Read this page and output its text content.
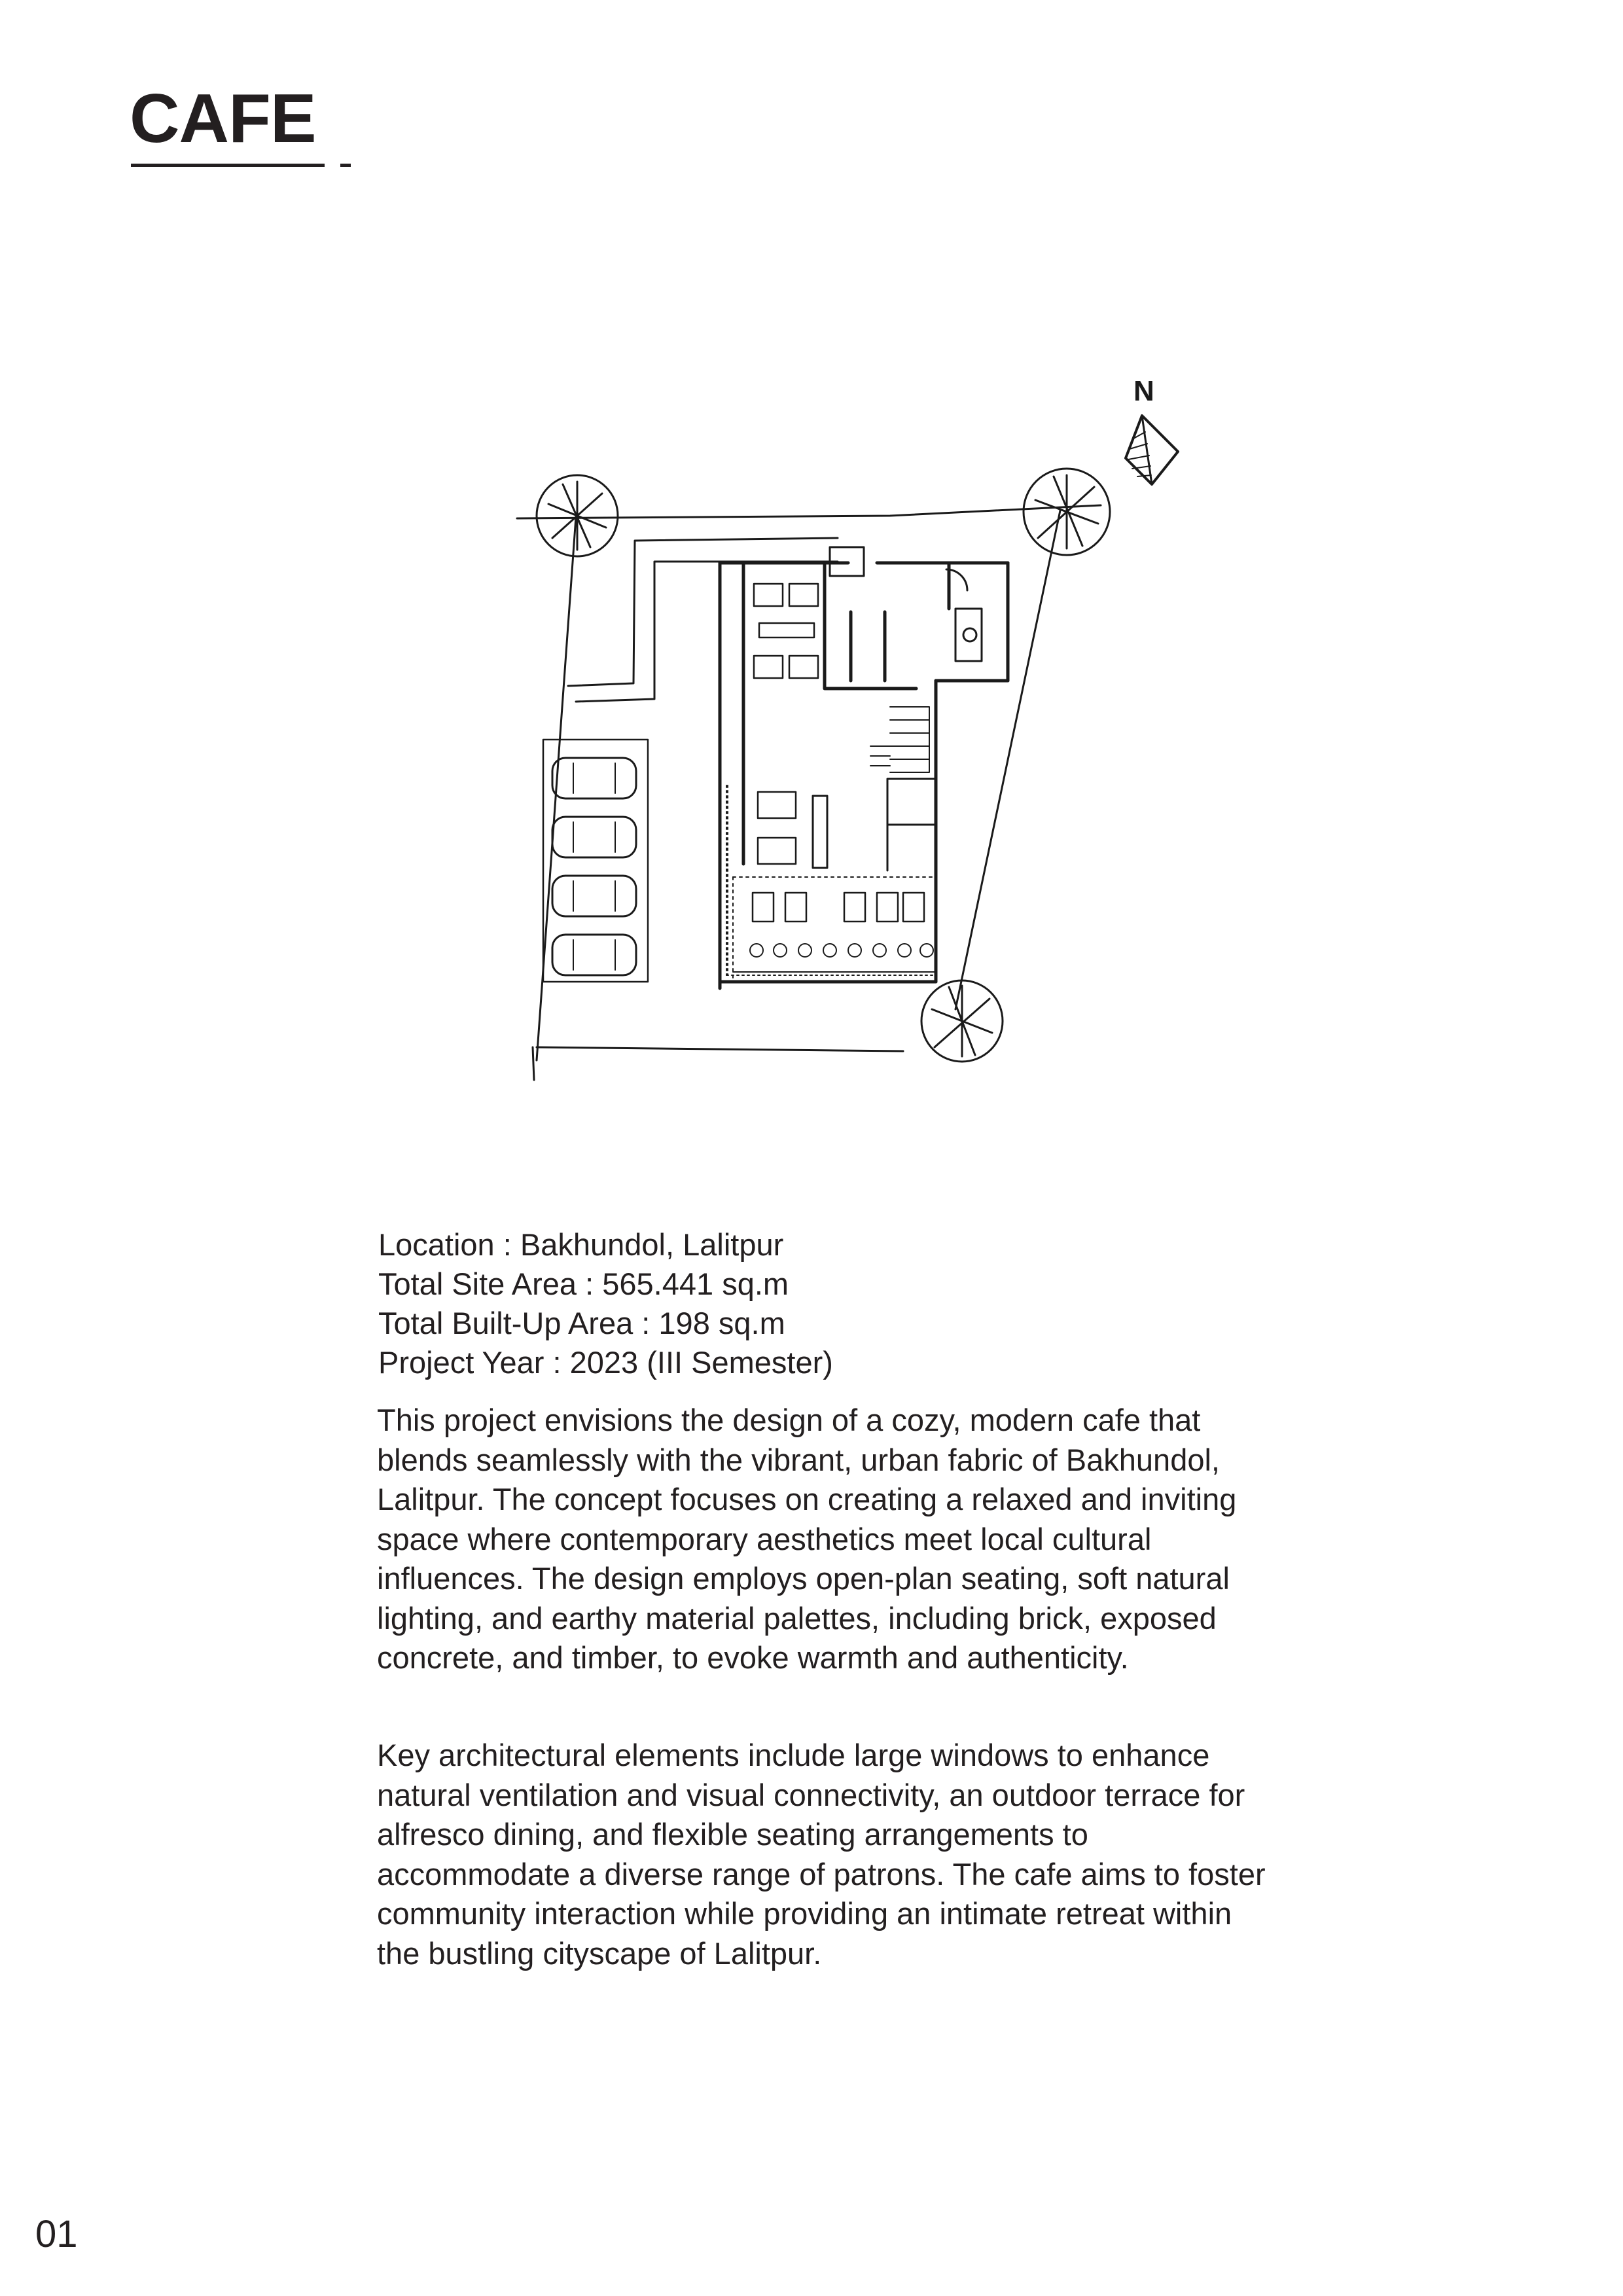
CAFE
N
Location : Bakhundol, Lalitpur
Total Site Area : 565.441 sq.m
Total Built-Up Area : 198 sq.m
Project Year : 2023 (III Semester)

This project envisions the design of a cozy, modern cafe that blends seamlessly with the vibrant, urban fabric of Bakhundol, Lalitpur. The concept focuses on creating a relaxed and inviting space where contemporary aesthetics meet local cultural influences. The design employs open-plan seating, soft natural lighting, and earthy material palettes, including brick, exposed concrete, and timber, to evoke warmth and authenticity.

Key architectural elements include large windows to enhance natural ventilation and visual connectivity, an outdoor terrace for alfresco dining, and flexible seating arrangements to accommodate a diverse range of patrons. The cafe aims to foster community interaction while providing an intimate retreat within the bustling cityscape of Lalitpur.

01
